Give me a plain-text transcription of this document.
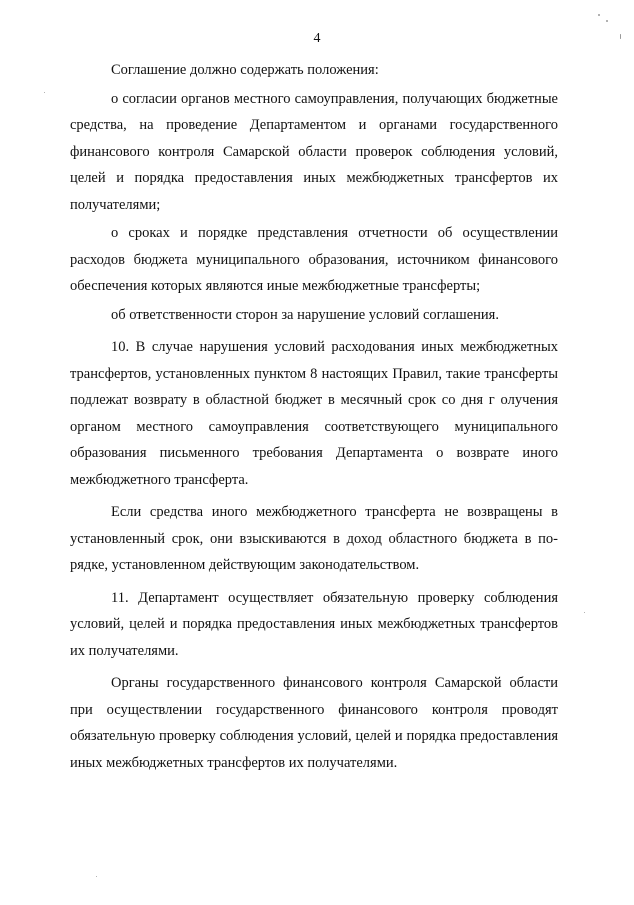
4

Соглашение должно содержать положения:

о согласии органов местного самоуправления, получающих бюджетные средства, на проведение Департаментом и органами государственного финансового контроля Самарской области проверок соблюдения условий, целей и порядка предоставления иных межбюджетных трансфертов их получателями;

о сроках и порядке представления отчетности об осуществлении расходов бюджета муниципального образования, источником финансового обеспечения которых являются иные межбюджетные трансферты;

об ответственности сторон за нарушение условий соглашения.

10. В случае нарушения условий расходования иных межбюджетных трансфертов, установленных пунктом 8 настоящих Правил, такие трансферты подлежат возврату в областной бюджет в месячный срок со дня г олучения органом местного самоуправления соответствующего муниципального образования письменного требования Департамента о возврате иного межбюджетного трансферта.

Если средства иного межбюджетного трансферта не возвращены в установленный срок, они взыскиваются в доход областного бюджета в порядке, установленном действующим законодательством.

11. Департамент осуществляет обязательную проверку соблюдения условий, целей и порядка предоставления иных межбюджетных трансфертов их получателями.

Органы государственного финансового контроля Самарской области при осуществлении государственного финансового контроля проводят обязательную проверку соблюдения условий, целей и порядка предоставления иных межбюджетных трансфертов их получателями.
